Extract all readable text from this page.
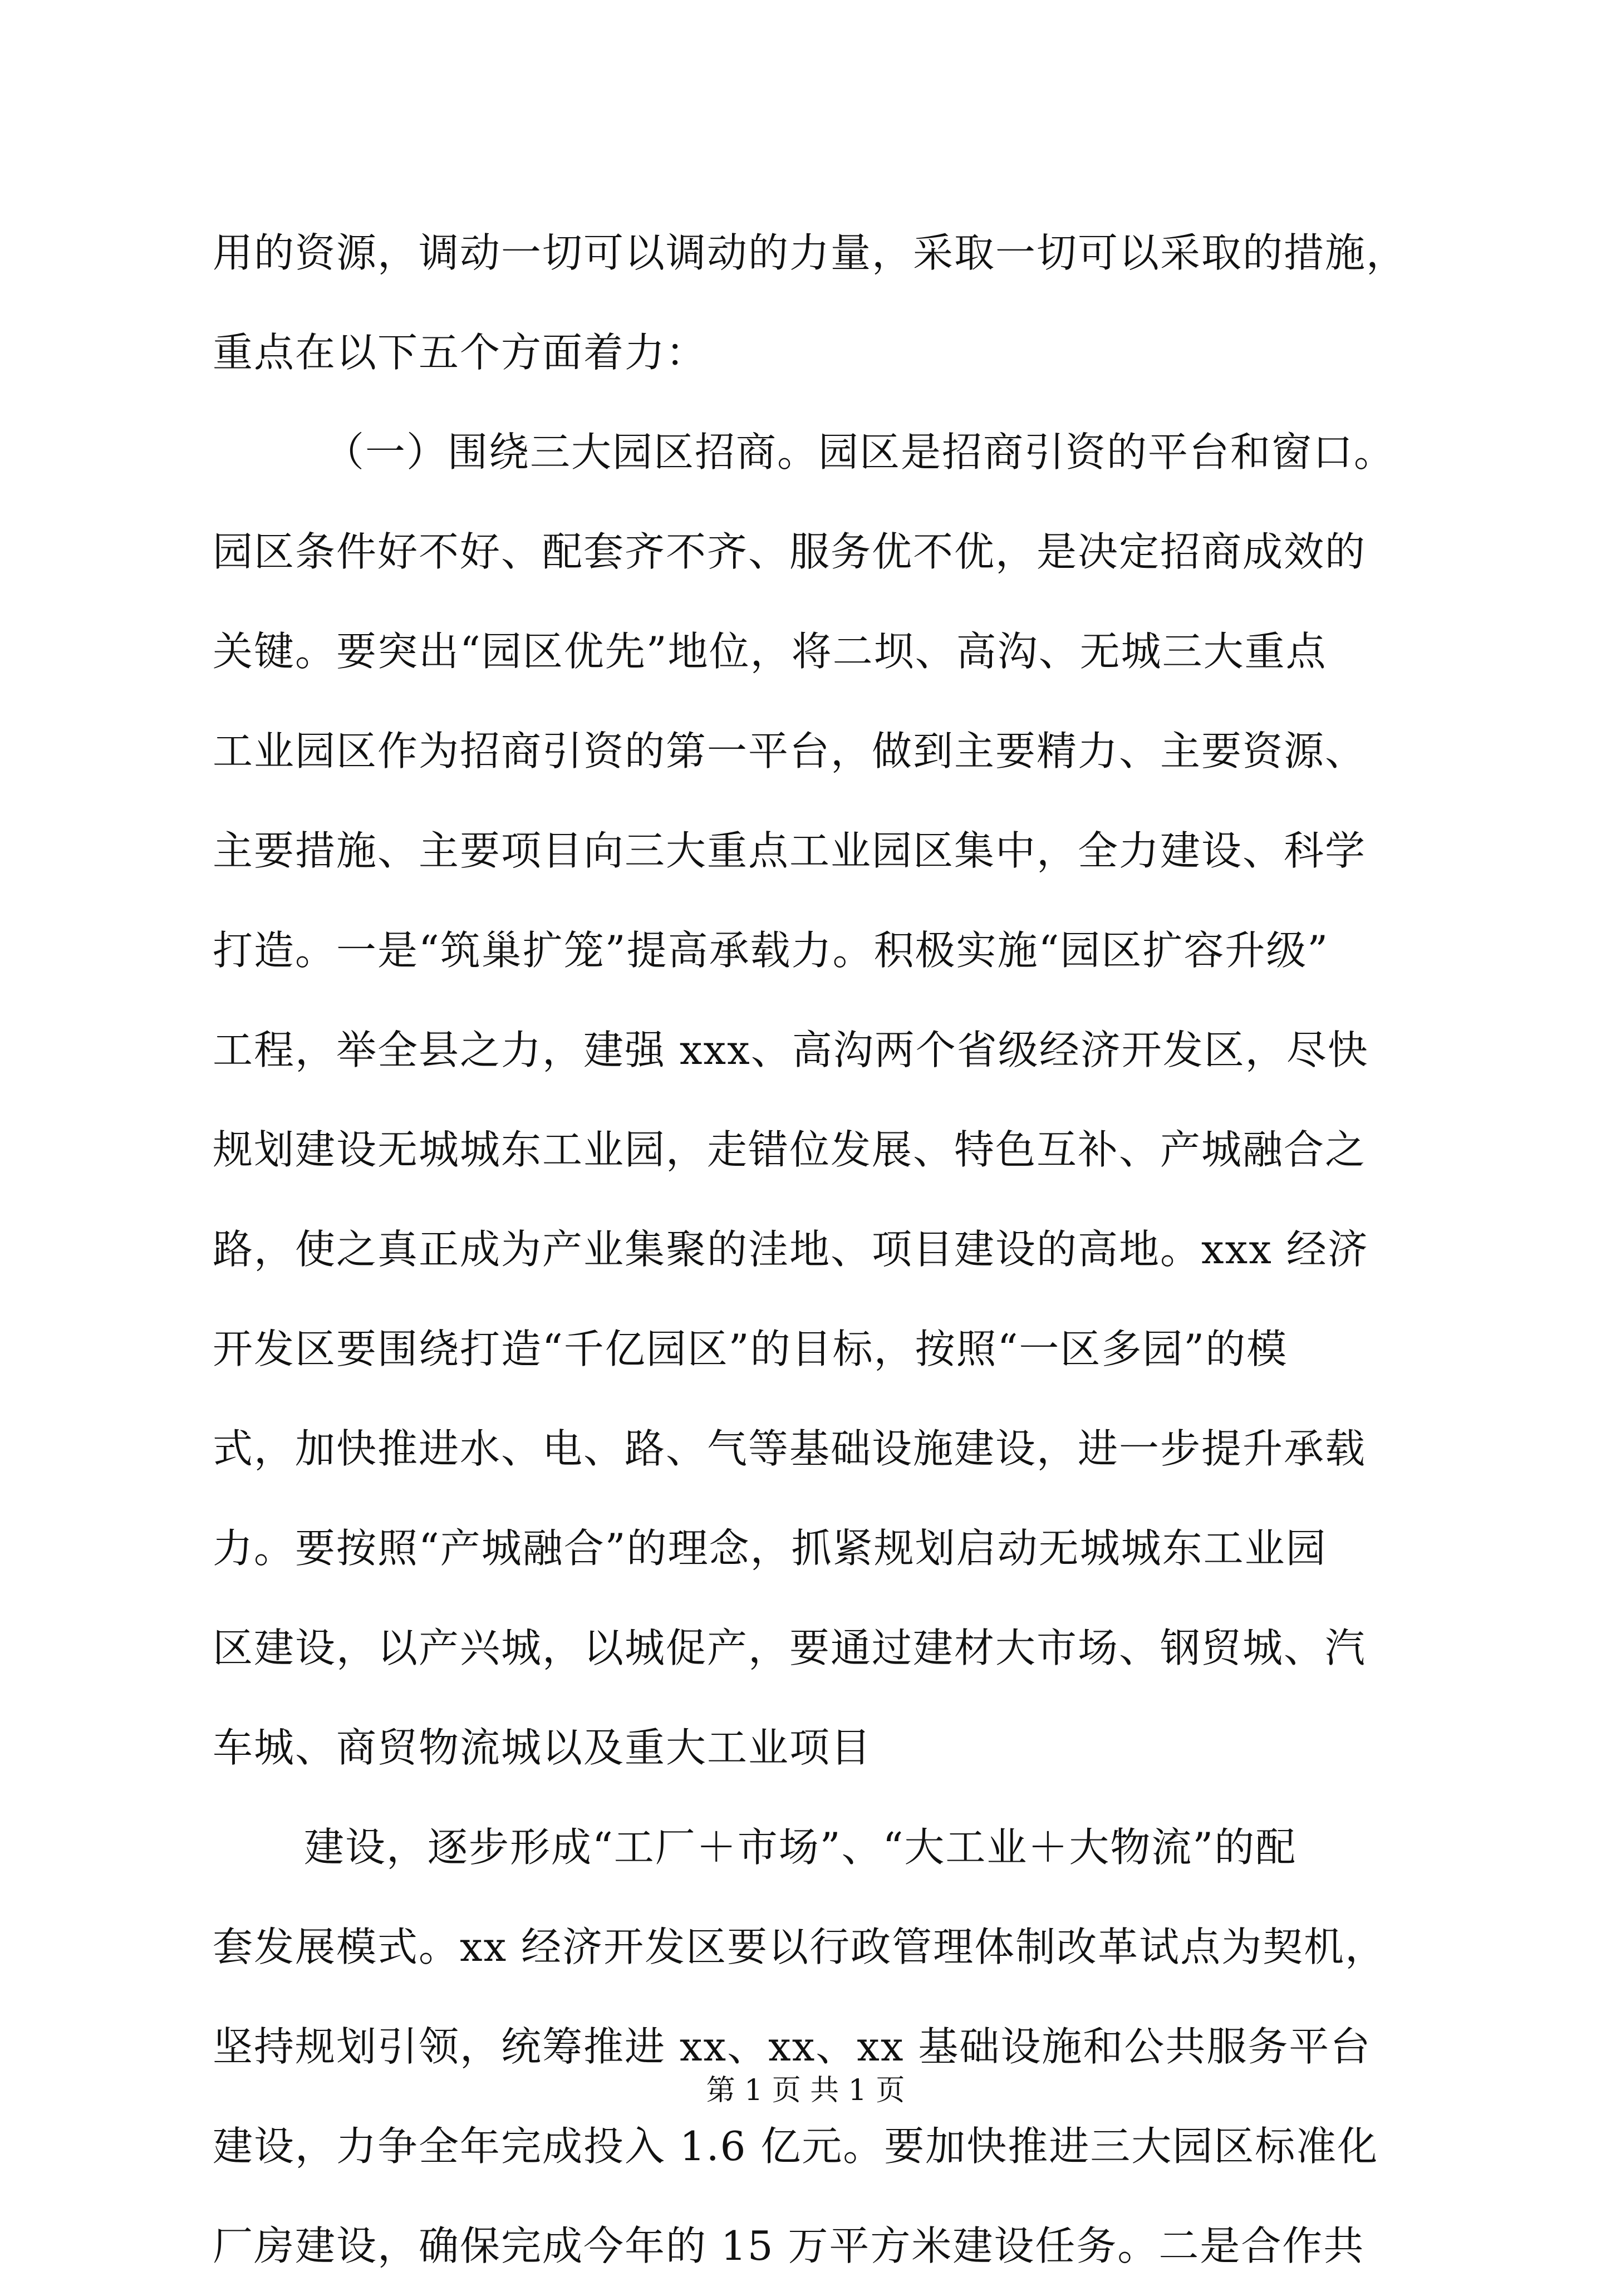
用的资源，调动一切可以调动的力量，采取一切可以采取的措施，
重点在以下五个方面着力：
（一）围绕三大园区招商。园区是招商引资的平台和窗口。
园区条件好不好、配套齐不齐、服务优不优，是决定招商成效的
关键。要突出“园区优先”地位，将二坝、高沟、无城三大重点
工业园区作为招商引资的第一平台，做到主要精力、主要资源、
主要措施、主要项目向三大重点工业园区集中，全力建设、科学
打造。一是“筑巢扩笼”提高承载力。积极实施“园区扩容升级”
工程，举全县之力，建强 xxx、高沟两个省级经济开发区，尽快
规划建设无城城东工业园，走错位发展、特色互补、产城融合之
路，使之真正成为产业集聚的洼地、项目建设的高地。xxx 经济
开发区要围绕打造“千亿园区”的目标，按照“一区多园”的模
式，加快推进水、电、路、气等基础设施建设，进一步提升承载
力。要按照“产城融合”的理念，抓紧规划启动无城城东工业园
区建设，以产兴城，以城促产，要通过建材大市场、钢贸城、汽
车城、商贸物流城以及重大工业项目
建设，逐步形成“工厂＋市场”、“大工业＋大物流”的配
套发展模式。xx 经济开发区要以行政管理体制改革试点为契机，
坚持规划引领，统筹推进 xx、xx、xx 基础设施和公共服务平台
建设，力争全年完成投入 1.6 亿元。要加快推进三大园区标准化
厂房建设，确保完成今年的 15 万平方米建设任务。二是合作共
第 1 页 共 1 页
